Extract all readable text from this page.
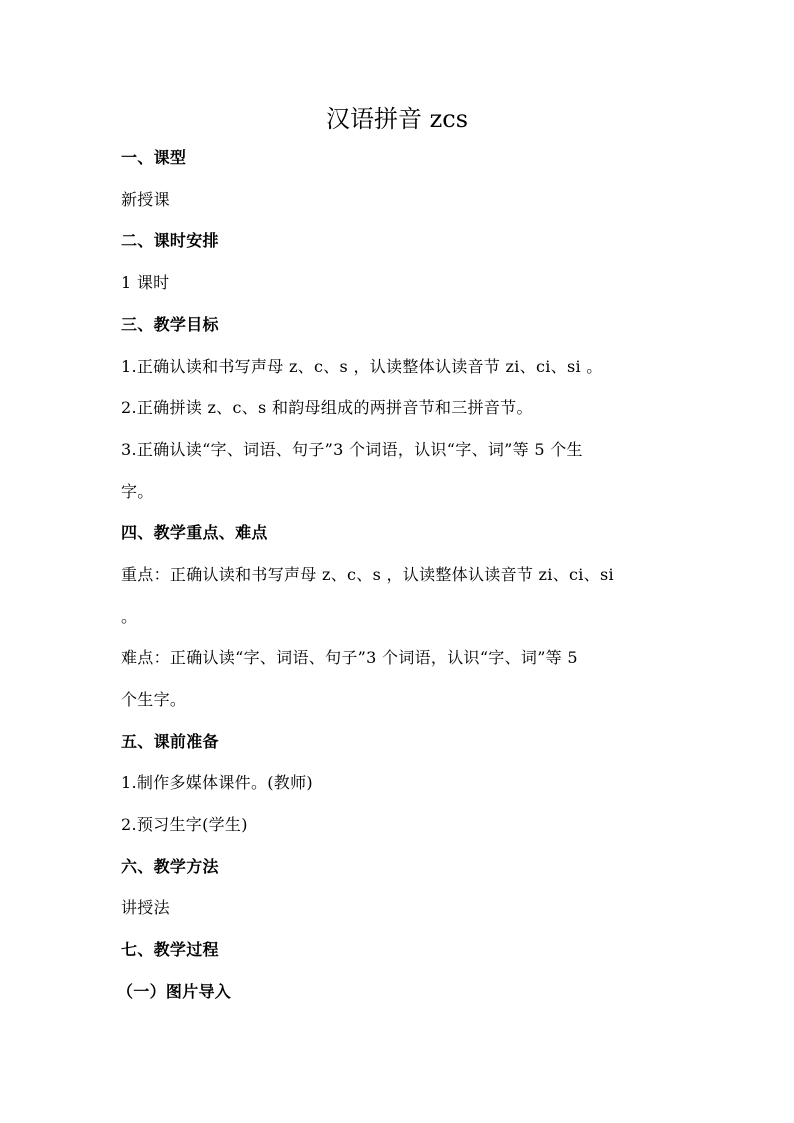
汉语拼音 zcs
一、课型
新授课
二、课时安排
1 课时
三、教学目标
1.正确认读和书写声母 z、c、s ，认读整体认读音节 zi、ci、si 。
2.正确拼读 z、c、s 和韵母组成的两拼音节和三拼音节。
3.正确认读“字、词语、句子”3 个词语，认识“字、词”等 5 个生
字。
四、教学重点、难点
重点：正确认读和书写声母 z、c、s ，认读整体认读音节 zi、ci、si
。
难点：正确认读“字、词语、句子”3 个词语，认识“字、词”等 5
个生字。
五、课前准备
1.制作多媒体课件。(教师)
2.预习生字(学生)
六、教学方法
讲授法
七、教学过程
（一）图片导入
